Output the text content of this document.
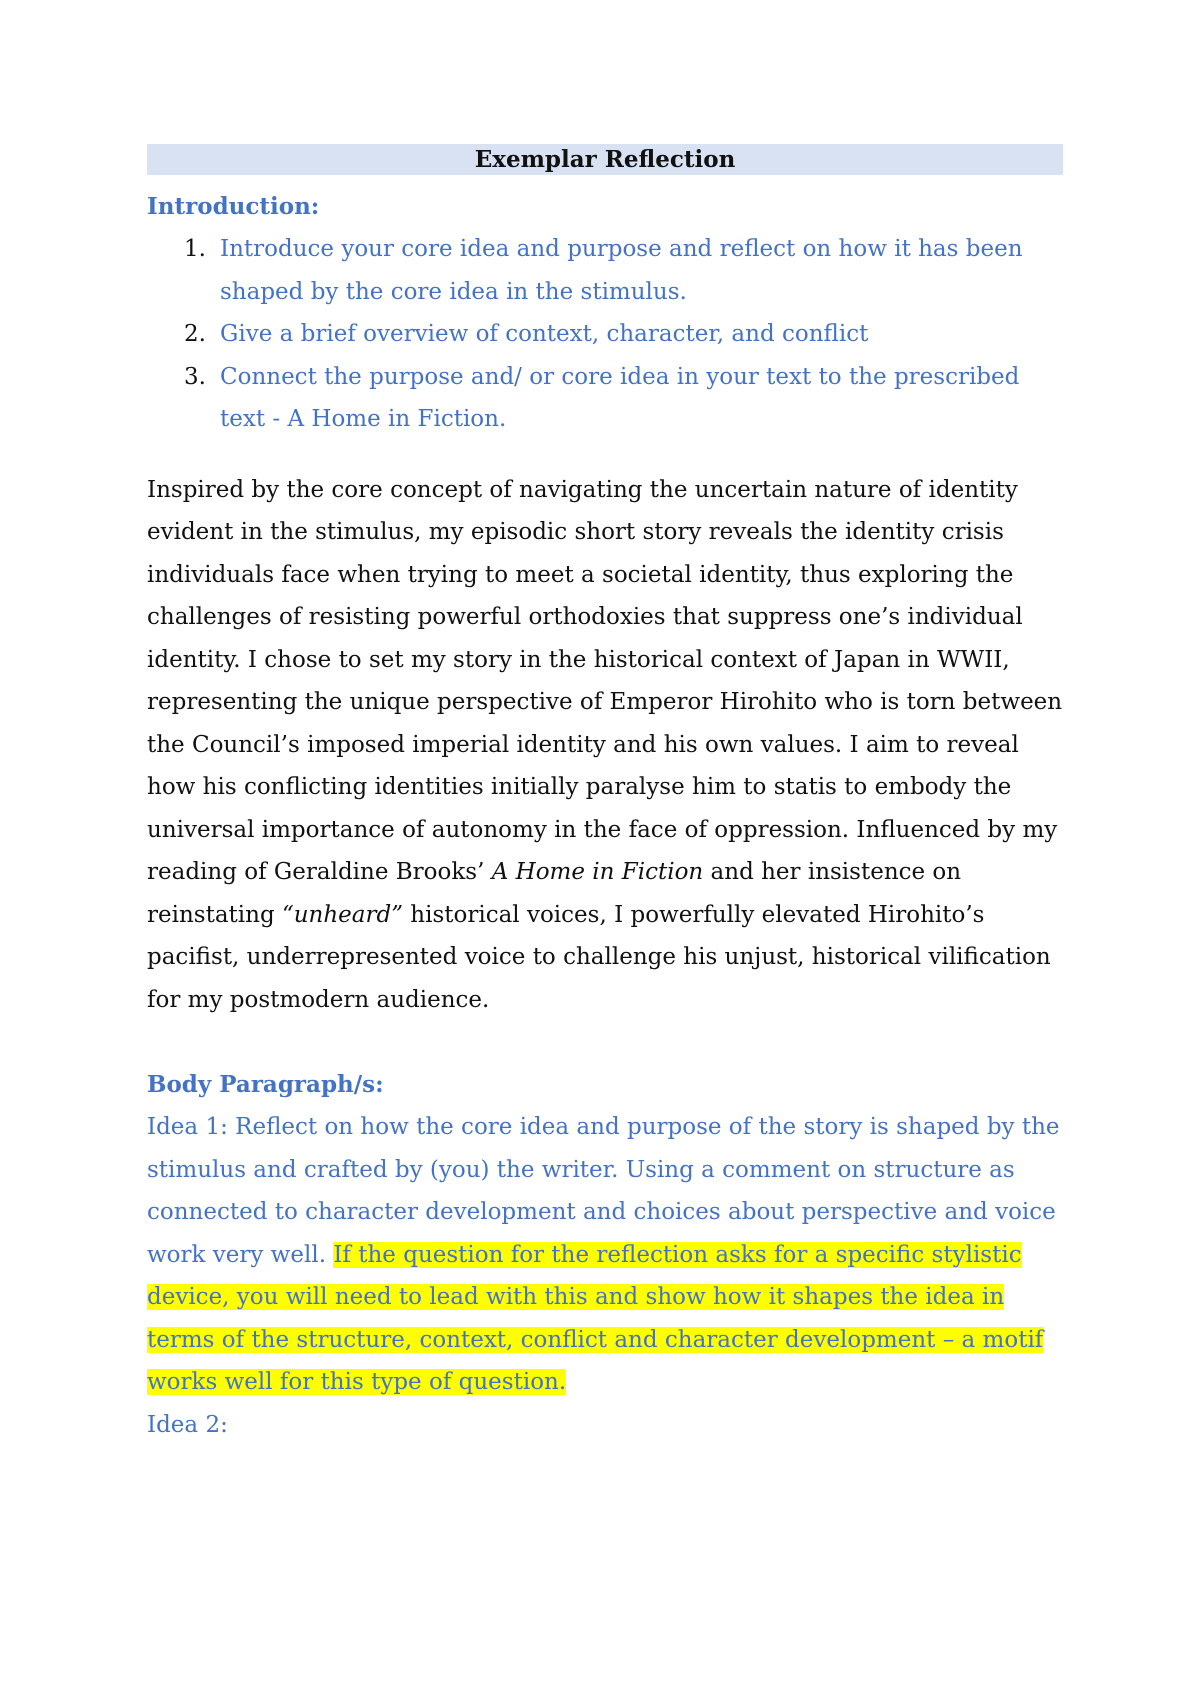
Exemplar Reflection
Introduction:
1. Introduce your core idea and purpose and reflect on how it has been shaped by the core idea in the stimulus.
2. Give a brief overview of context, character, and conflict
3. Connect the purpose and/ or core idea in your text to the prescribed text - A Home in Fiction.

Inspired by the core concept of navigating the uncertain nature of identity evident in the stimulus, my episodic short story reveals the identity crisis individuals face when trying to meet a societal identity, thus exploring the challenges of resisting powerful orthodoxies that suppress one’s individual identity. I chose to set my story in the historical context of Japan in WWII, representing the unique perspective of Emperor Hirohito who is torn between the Council’s imposed imperial identity and his own values. I aim to reveal how his conflicting identities initially paralyse him to statis to embody the universal importance of autonomy in the face of oppression. Influenced by my reading of Geraldine Brooks’ A Home in Fiction and her insistence on reinstating “unheard” historical voices, I powerfully elevated Hirohito’s pacifist, underrepresented voice to challenge his unjust, historical vilification for my postmodern audience.

Body Paragraph/s:

Idea 1: Reflect on how the core idea and purpose of the story is shaped by the stimulus and crafted by (you) the writer. Using a comment on structure as connected to character development and choices about perspective and voice work very well. If the question for the reflection asks for a specific stylistic device, you will need to lead with this and show how it shapes the idea in terms of the structure, context, conflict and character development – a motif works well for this type of question.

Idea 2:
